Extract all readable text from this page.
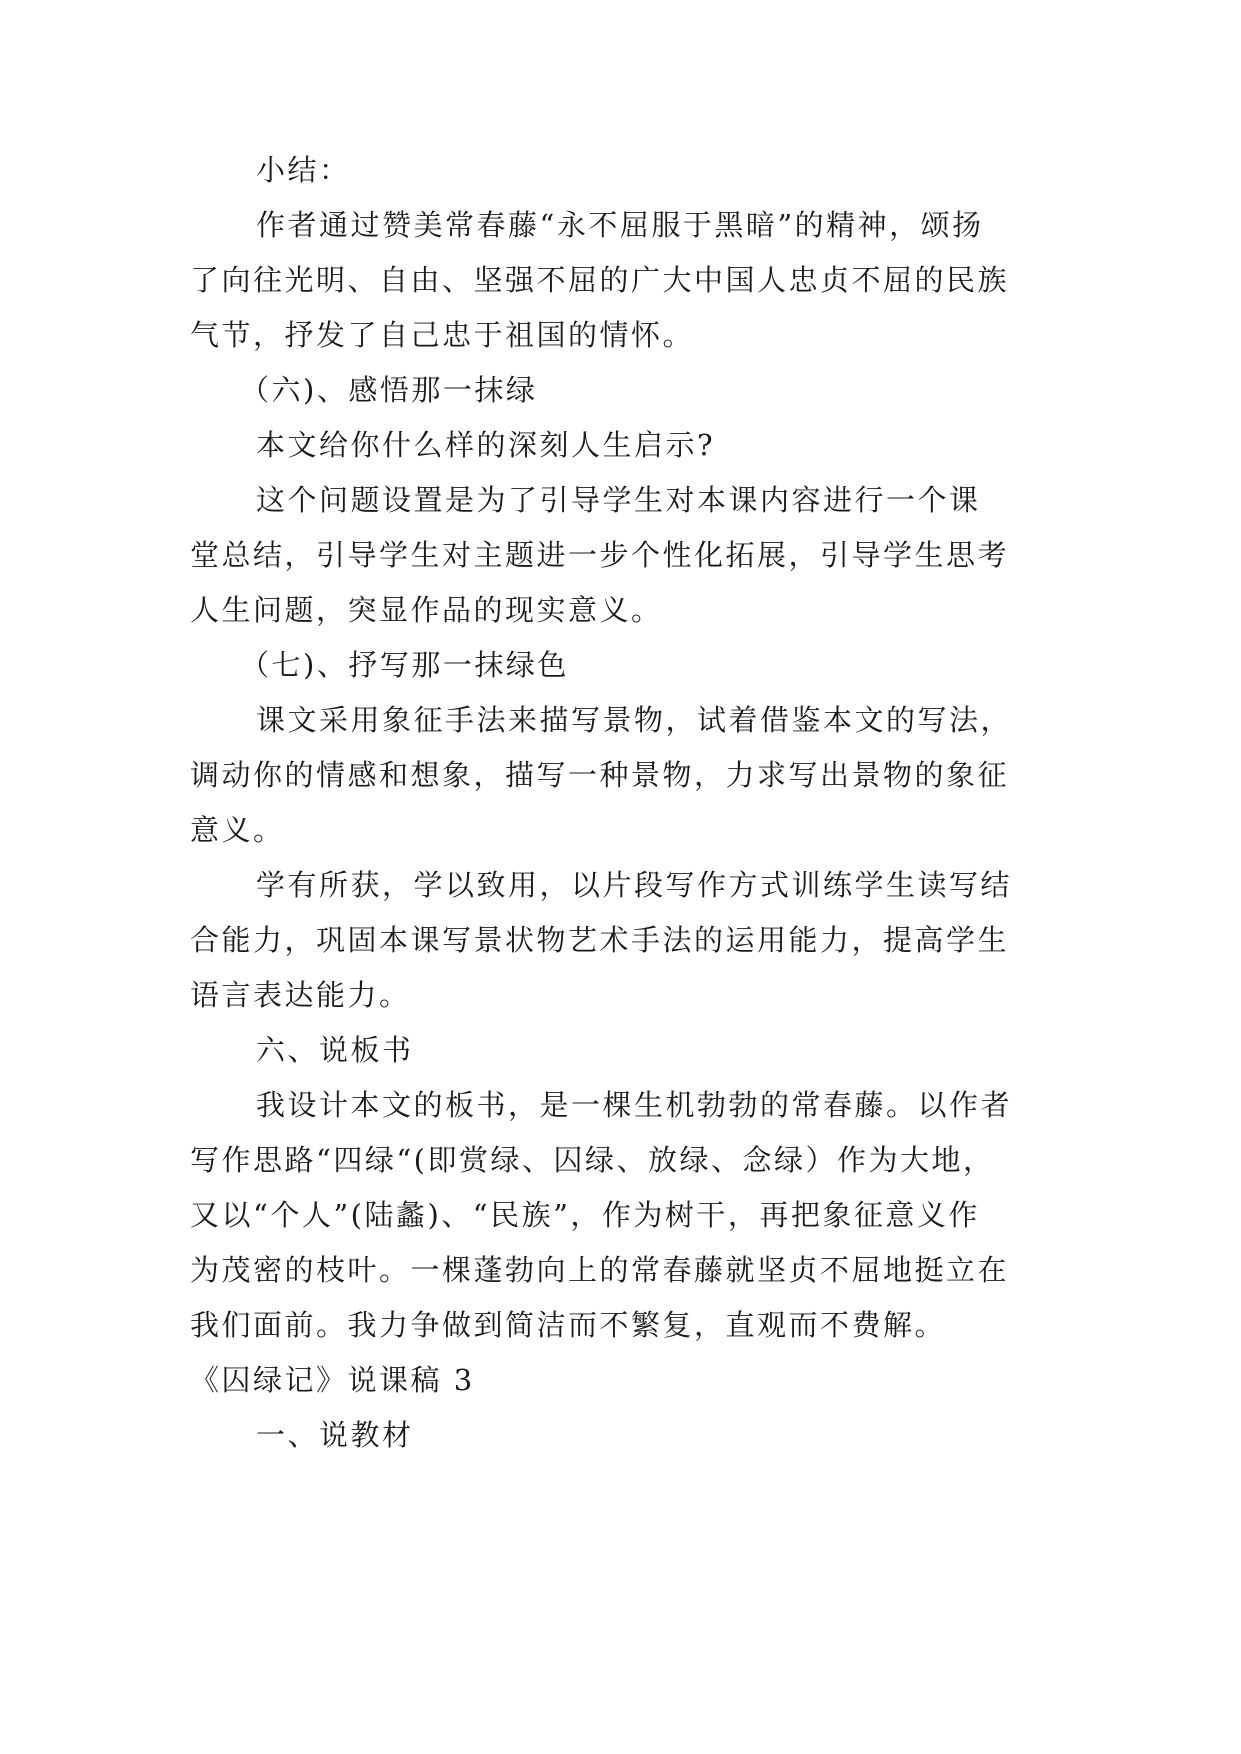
小结：
作者通过赞美常春藤“永不屈服于黑暗”的精神，颂扬
了向往光明、自由、坚强不屈的广大中国人忠贞不屈的民族
气节，抒发了自己忠于祖国的情怀。
（六)、感悟那一抹绿
本文给你什么样的深刻人生启示?
这个问题设置是为了引导学生对本课内容进行一个课
堂总结，引导学生对主题进一步个性化拓展，引导学生思考
人生问题，突显作品的现实意义。
（七)、抒写那一抹绿色
课文采用象征手法来描写景物，试着借鉴本文的写法，
调动你的情感和想象，描写一种景物，力求写出景物的象征
意义。
学有所获，学以致用，以片段写作方式训练学生读写结
合能力，巩固本课写景状物艺术手法的运用能力，提高学生
语言表达能力。
六、说板书
我设计本文的板书，是一棵生机勃勃的常春藤。以作者
写作思路“四绿“(即赏绿、囚绿、放绿、念绿）作为大地，
又以“个人”(陆蠡)、“民族”，作为树干，再把象征意义作
为茂密的枝叶。一棵蓬勃向上的常春藤就坚贞不屈地挺立在
我们面前。我力争做到简洁而不繁复，直观而不费解。
《囚绿记》说课稿 3
一、说教材
